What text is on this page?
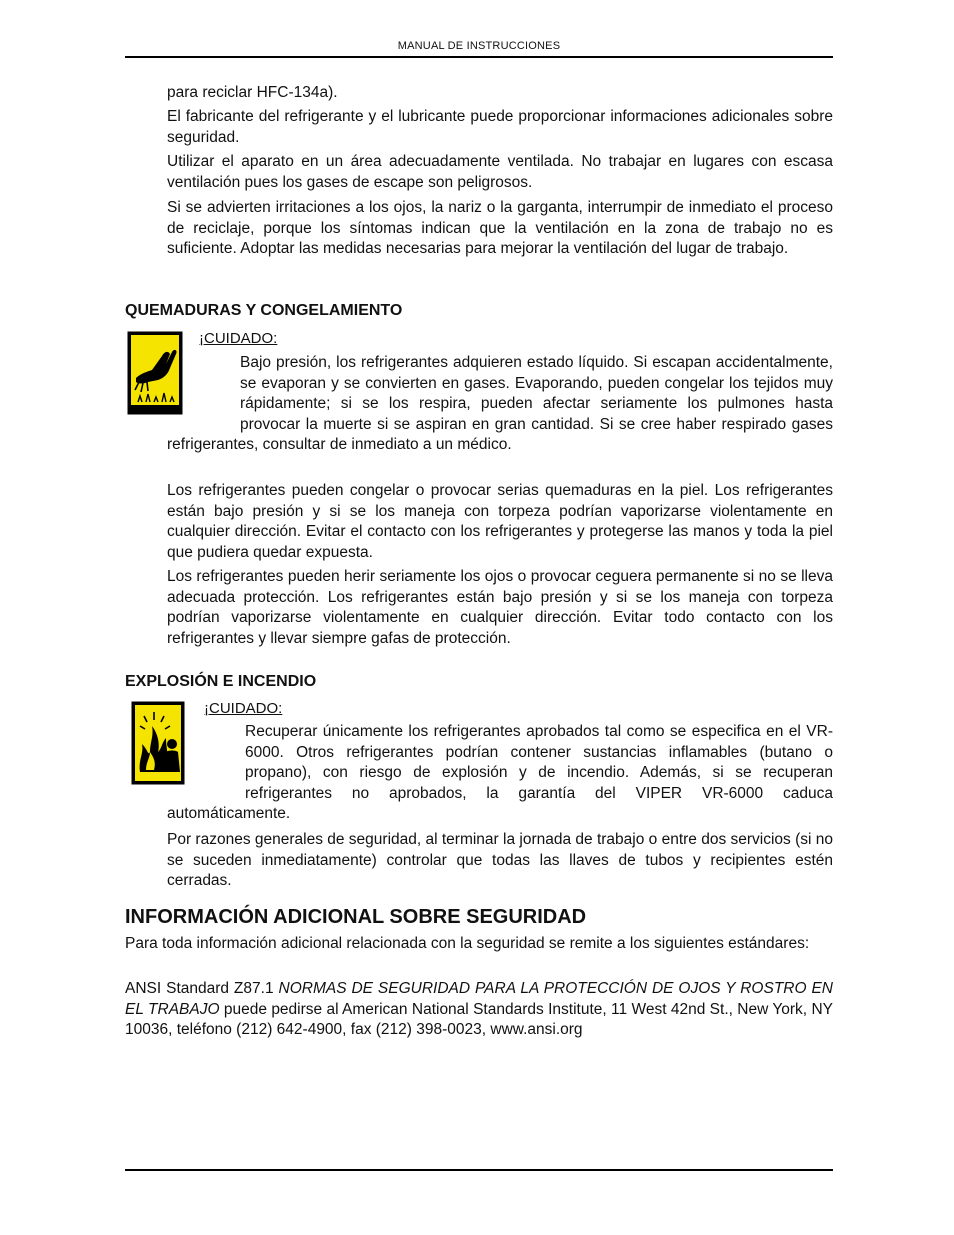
MANUAL DE INSTRUCCIONES

para reciclar HFC-134a).

El fabricante del refrigerante y el lubricante puede proporcionar informaciones adicionales sobre seguridad.

Utilizar el aparato en un área adecuadamente ventilada. No trabajar en lugares con escasa ventilación pues los gases de escape son peligrosos.

Si se advierten irritaciones a los ojos, la nariz o la garganta, interrumpir de inmediato el proceso de reciclaje, porque los síntomas indican que la ventilación en la zona de trabajo no es suficiente. Adoptar las medidas necesarias para mejorar la ventilación del lugar de trabajo.

QUEMADURAS Y CONGELAMIENTO
¡CUIDADO:
Bajo presión, los refrigerantes adquieren estado líquido. Si escapan accidentalmente, se evaporan y se convierten en gases. Evaporando, pueden congelar los tejidos muy rápidamente; si se los respira, pueden afectar seriamente los pulmones hasta provocar la muerte si se aspiran en gran cantidad. Si se cree haber respirado gases refrigerantes, consultar de inmediato a un médico.

Los refrigerantes pueden congelar o provocar serias quemaduras en la piel. Los refrigerantes están bajo presión y si se los maneja con torpeza podrían vaporizarse violentamente en cualquier dirección. Evitar el contacto con los refrigerantes y protegerse las manos y toda la piel que pudiera quedar expuesta.

Los refrigerantes pueden herir seriamente los ojos o provocar ceguera permanente si no se lleva adecuada protección. Los refrigerantes están bajo presión y si se los maneja con torpeza podrían vaporizarse violentamente en cualquier dirección. Evitar todo contacto con los refrigerantes y llevar siempre gafas de protección.

EXPLOSIÓN E INCENDIO
¡CUIDADO:
Recuperar únicamente los refrigerantes aprobados tal como se especifica en el VR-6000. Otros refrigerantes podrían contener sustancias inflamables (butano o propano), con riesgo de explosión y de incendio. Además, si se recuperan refrigerantes no aprobados, la garantía del VIPER VR-6000 caduca automáticamente.

Por razones generales de seguridad, al terminar la jornada de trabajo o entre dos servicios (si no se suceden inmediatamente) controlar que todas las llaves de tubos y recipientes estén cerradas.

INFORMACIÓN ADICIONAL SOBRE SEGURIDAD

Para toda información adicional relacionada con la seguridad se remite a los siguientes estándares:

ANSI Standard Z87.1 NORMAS DE SEGURIDAD PARA LA PROTECCIÓN DE OJOS Y ROSTRO EN EL TRABAJO puede pedirse al American National Standards Institute, 11 West 42nd St., New York, NY 10036, teléfono (212) 642-4900, fax (212) 398-0023, www.ansi.org
